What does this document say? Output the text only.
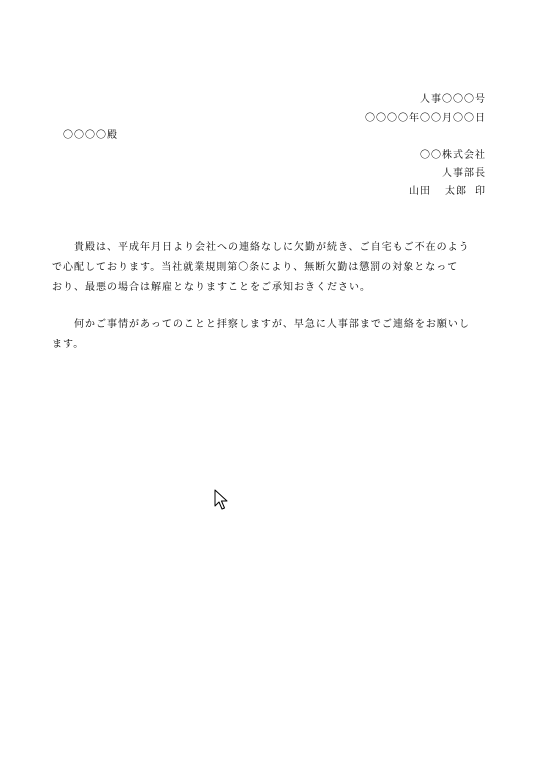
人事〇〇〇号
〇〇〇〇年〇〇月〇〇日
〇〇〇〇殿
〇〇株式会社
人事部長
山田 太郎 印
貴殿は、平成年月日より会社への連絡なしに欠勤が続き、ご自宅もご不在のよう
で心配しております。当社就業規則第〇条により、無断欠勤は懲罰の対象となって
おり、最悪の場合は解雇となりますことをご承知おきください。
何かご事情があってのことと拝察しますが、早急に人事部までご連絡をお願いし
ます。
